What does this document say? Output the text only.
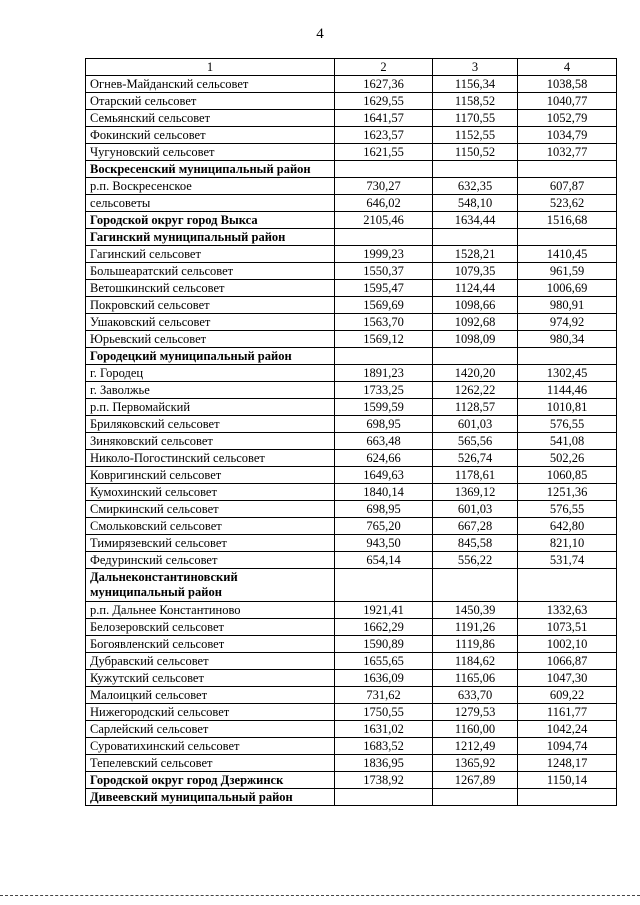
4
1	2	3	4
Огнев-Майданский сельсовет	1627,36	1156,34	1038,58
Отарский сельсовет	1629,55	1158,52	1040,77
Семьянский сельсовет	1641,57	1170,55	1052,79
Фокинский сельсовет	1623,57	1152,55	1034,79
Чугуновский сельсовет	1621,55	1150,52	1032,77
Воскресенский муниципальный район			
р.п. Воскресенское	730,27	632,35	607,87
сельсоветы	646,02	548,10	523,62
Городской округ город Выкса	2105,46	1634,44	1516,68
Гагинский муниципальный район			
Гагинский сельсовет	1999,23	1528,21	1410,45
Большеаратский сельсовет	1550,37	1079,35	961,59
Ветошкинский сельсовет	1595,47	1124,44	1006,69
Покровский сельсовет	1569,69	1098,66	980,91
Ушаковский сельсовет	1563,70	1092,68	974,92
Юрьевский сельсовет	1569,12	1098,09	980,34
Городецкий муниципальный район			
г. Городец	1891,23	1420,20	1302,45
г. Заволжье	1733,25	1262,22	1144,46
р.п. Первомайский	1599,59	1128,57	1010,81
Бриляковский сельсовет	698,95	601,03	576,55
Зиняковский сельсовет	663,48	565,56	541,08
Николо-Погостинский сельсовет	624,66	526,74	502,26
Ковригинский сельсовет	1649,63	1178,61	1060,85
Кумохинский сельсовет	1840,14	1369,12	1251,36
Смиркинский сельсовет	698,95	601,03	576,55
Смольковский сельсовет	765,20	667,28	642,80
Тимирязевский сельсовет	943,50	845,58	821,10
Федуринский сельсовет	654,14	556,22	531,74
Дальнеконстантиновский муниципальный район			
р.п. Дальнее Константиново	1921,41	1450,39	1332,63
Белозеровский сельсовет	1662,29	1191,26	1073,51
Богоявленский сельсовет	1590,89	1119,86	1002,10
Дубравский сельсовет	1655,65	1184,62	1066,87
Кужутский сельсовет	1636,09	1165,06	1047,30
Малоицкий сельсовет	731,62	633,70	609,22
Нижегородский сельсовет	1750,55	1279,53	1161,77
Сарлейский сельсовет	1631,02	1160,00	1042,24
Суроватихинский сельсовет	1683,52	1212,49	1094,74
Тепелевский сельсовет	1836,95	1365,92	1248,17
Городской округ город Дзержинск	1738,92	1267,89	1150,14
Дивеевский муниципальный район			
